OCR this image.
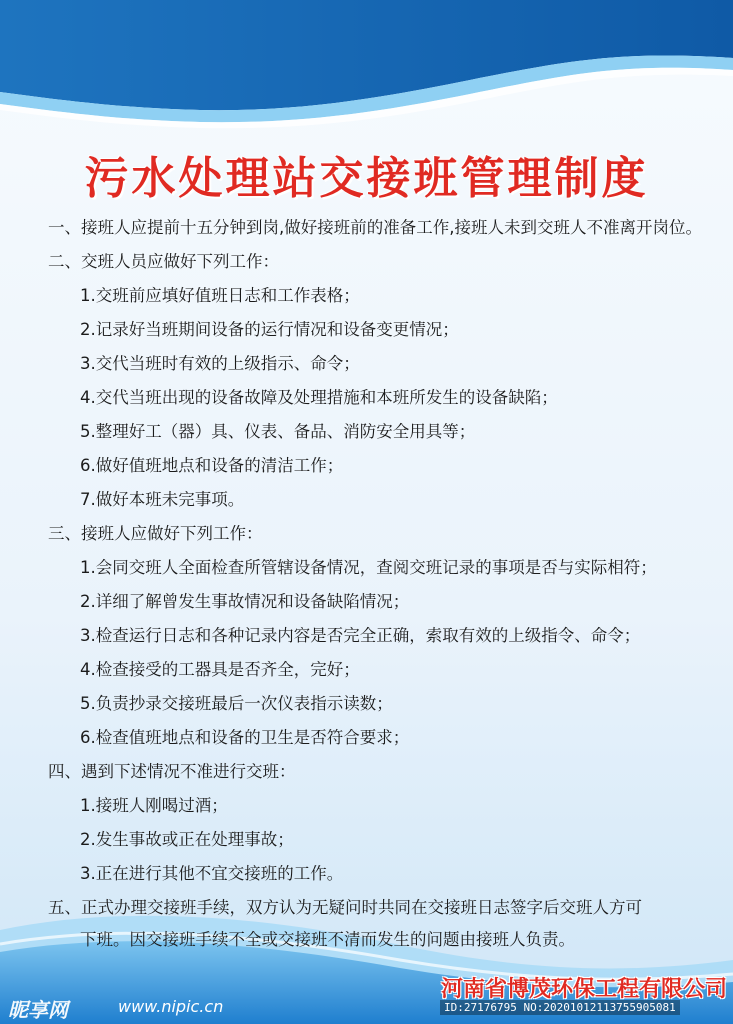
污水处理站交接班管理制度
一、接班人应提前十五分钟到岗,做好接班前的准备工作,接班人未到交班人不准离开岗位。
二、交班人员应做好下列工作：
1.交班前应填好值班日志和工作表格；
2.记录好当班期间设备的运行情况和设备变更情况；
3.交代当班时有效的上级指示、命令；
4.交代当班出现的设备故障及处理措施和本班所发生的设备缺陷；
5.整理好工（器）具、仪表、备品、消防安全用具等；
6.做好值班地点和设备的清洁工作；
7.做好本班未完事项。
三、接班人应做好下列工作：
1.会同交班人全面检查所管辖设备情况，查阅交班记录的事项是否与实际相符；
2.详细了解曾发生事故情况和设备缺陷情况；
3.检查运行日志和各种记录内容是否完全正确，索取有效的上级指令、命令；
4.检查接受的工器具是否齐全，完好；
5.负责抄录交接班最后一次仪表指示读数；
6.检查值班地点和设备的卫生是否符合要求；
四、遇到下述情况不准进行交班：
1.接班人刚喝过酒；
2.发生事故或正在处理事故；
3.正在进行其他不宜交接班的工作。
五、正式办理交接班手续，双方认为无疑问时共同在交接班日志签字后交班人方可
下班。因交接班手续不全或交接班不清而发生的问题由接班人负责。
河南省博茂环保工程有限公司
昵享网	www.nipic.cn	ID:27176795 NO:20201012113755905081
